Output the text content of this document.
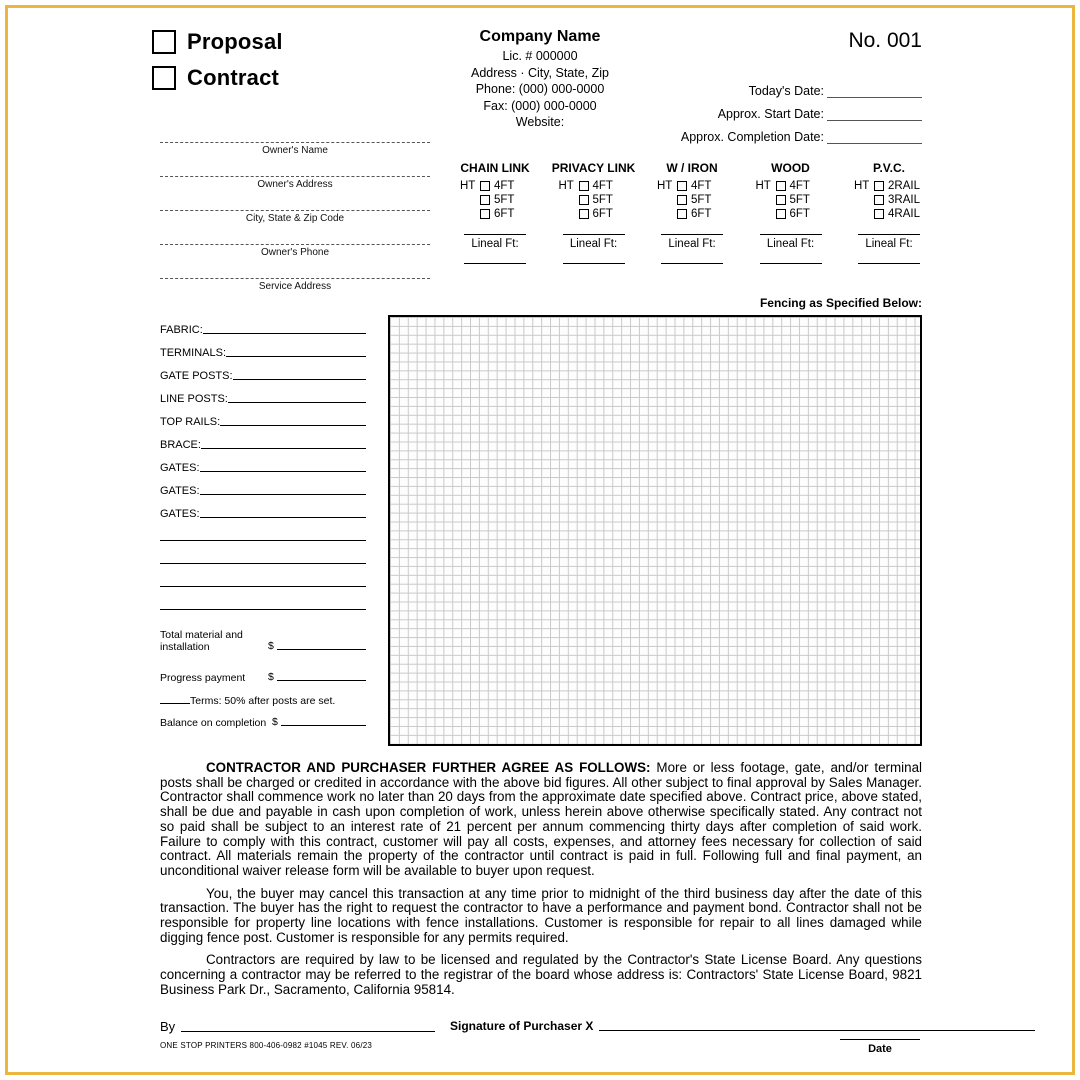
Proposal
Contract
Company Name
Lic. # 000000
Address · City, State, Zip
Phone: (000) 000-0000
Fax: (000) 000-0000
Website:
No. 001
Today's Date:
Approx. Start Date:
Approx. Completion Date:
Owner's Name
Owner's Address
City, State & Zip Code
Owner's Phone
Service Address
CHAIN LINK
HT	4FT
5FT
6FT
Lineal Ft:
PRIVACY LINK
HT	4FT
5FT
6FT
Lineal Ft:
W / IRON
HT	4FT
5FT
6FT
Lineal Ft:
WOOD
HT	4FT
5FT
6FT
Lineal Ft:
P.V.C.
HT	2RAIL
3RAIL
4RAIL
Lineal Ft:
Fencing as Specified Below:
FABRIC:
TERMINALS:
GATE POSTS:
LINE POSTS:
TOP RAILS:
BRACE:
GATES:
GATES:
GATES:
Total material and installation	$
Progress payment	$
Terms: 50% after posts are set.
Balance on completion $

CONTRACTOR AND PURCHASER FURTHER AGREE AS FOLLOWS: More or less footage, gate, and/or terminal posts shall be charged or credited in accordance with the above bid figures. All other subject to final approval by Sales Manager. Contractor shall commence work no later than 20 days from the approximate date specified above. Contract price, above stated, shall be due and payable in cash upon completion of work, unless herein above otherwise specifically stated. Any contract not so paid shall be subject to an interest rate of 21 percent per annum commencing thirty days after completion of said work. Failure to comply with this contract, customer will pay all costs, expenses, and attorney fees necessary for collection of said contract. All materials remain the property of the contractor until contract is paid in full. Following full and final payment, an unconditional waiver release form will be available to buyer upon request.

You, the buyer may cancel this transaction at any time prior to midnight of the third business day after the date of this transaction. The buyer has the right to request the contractor to have a performance and payment bond. Contractor shall not be responsible for property line locations with fence installations. Customer is responsible for repair to all lines damaged while digging fence post. Customer is responsible for any permits required.

Contractors are required by law to be licensed and regulated by the Contractor's State License Board. Any questions concerning a contractor may be referred to the registrar of the board whose address is: Contractors' State License Board, 9821 Business Park Dr., Sacramento, California 95814.

By
ONE STOP PRINTERS 800-406-0982 #1045 REV. 06/23
Signature of Purchaser X
Date
